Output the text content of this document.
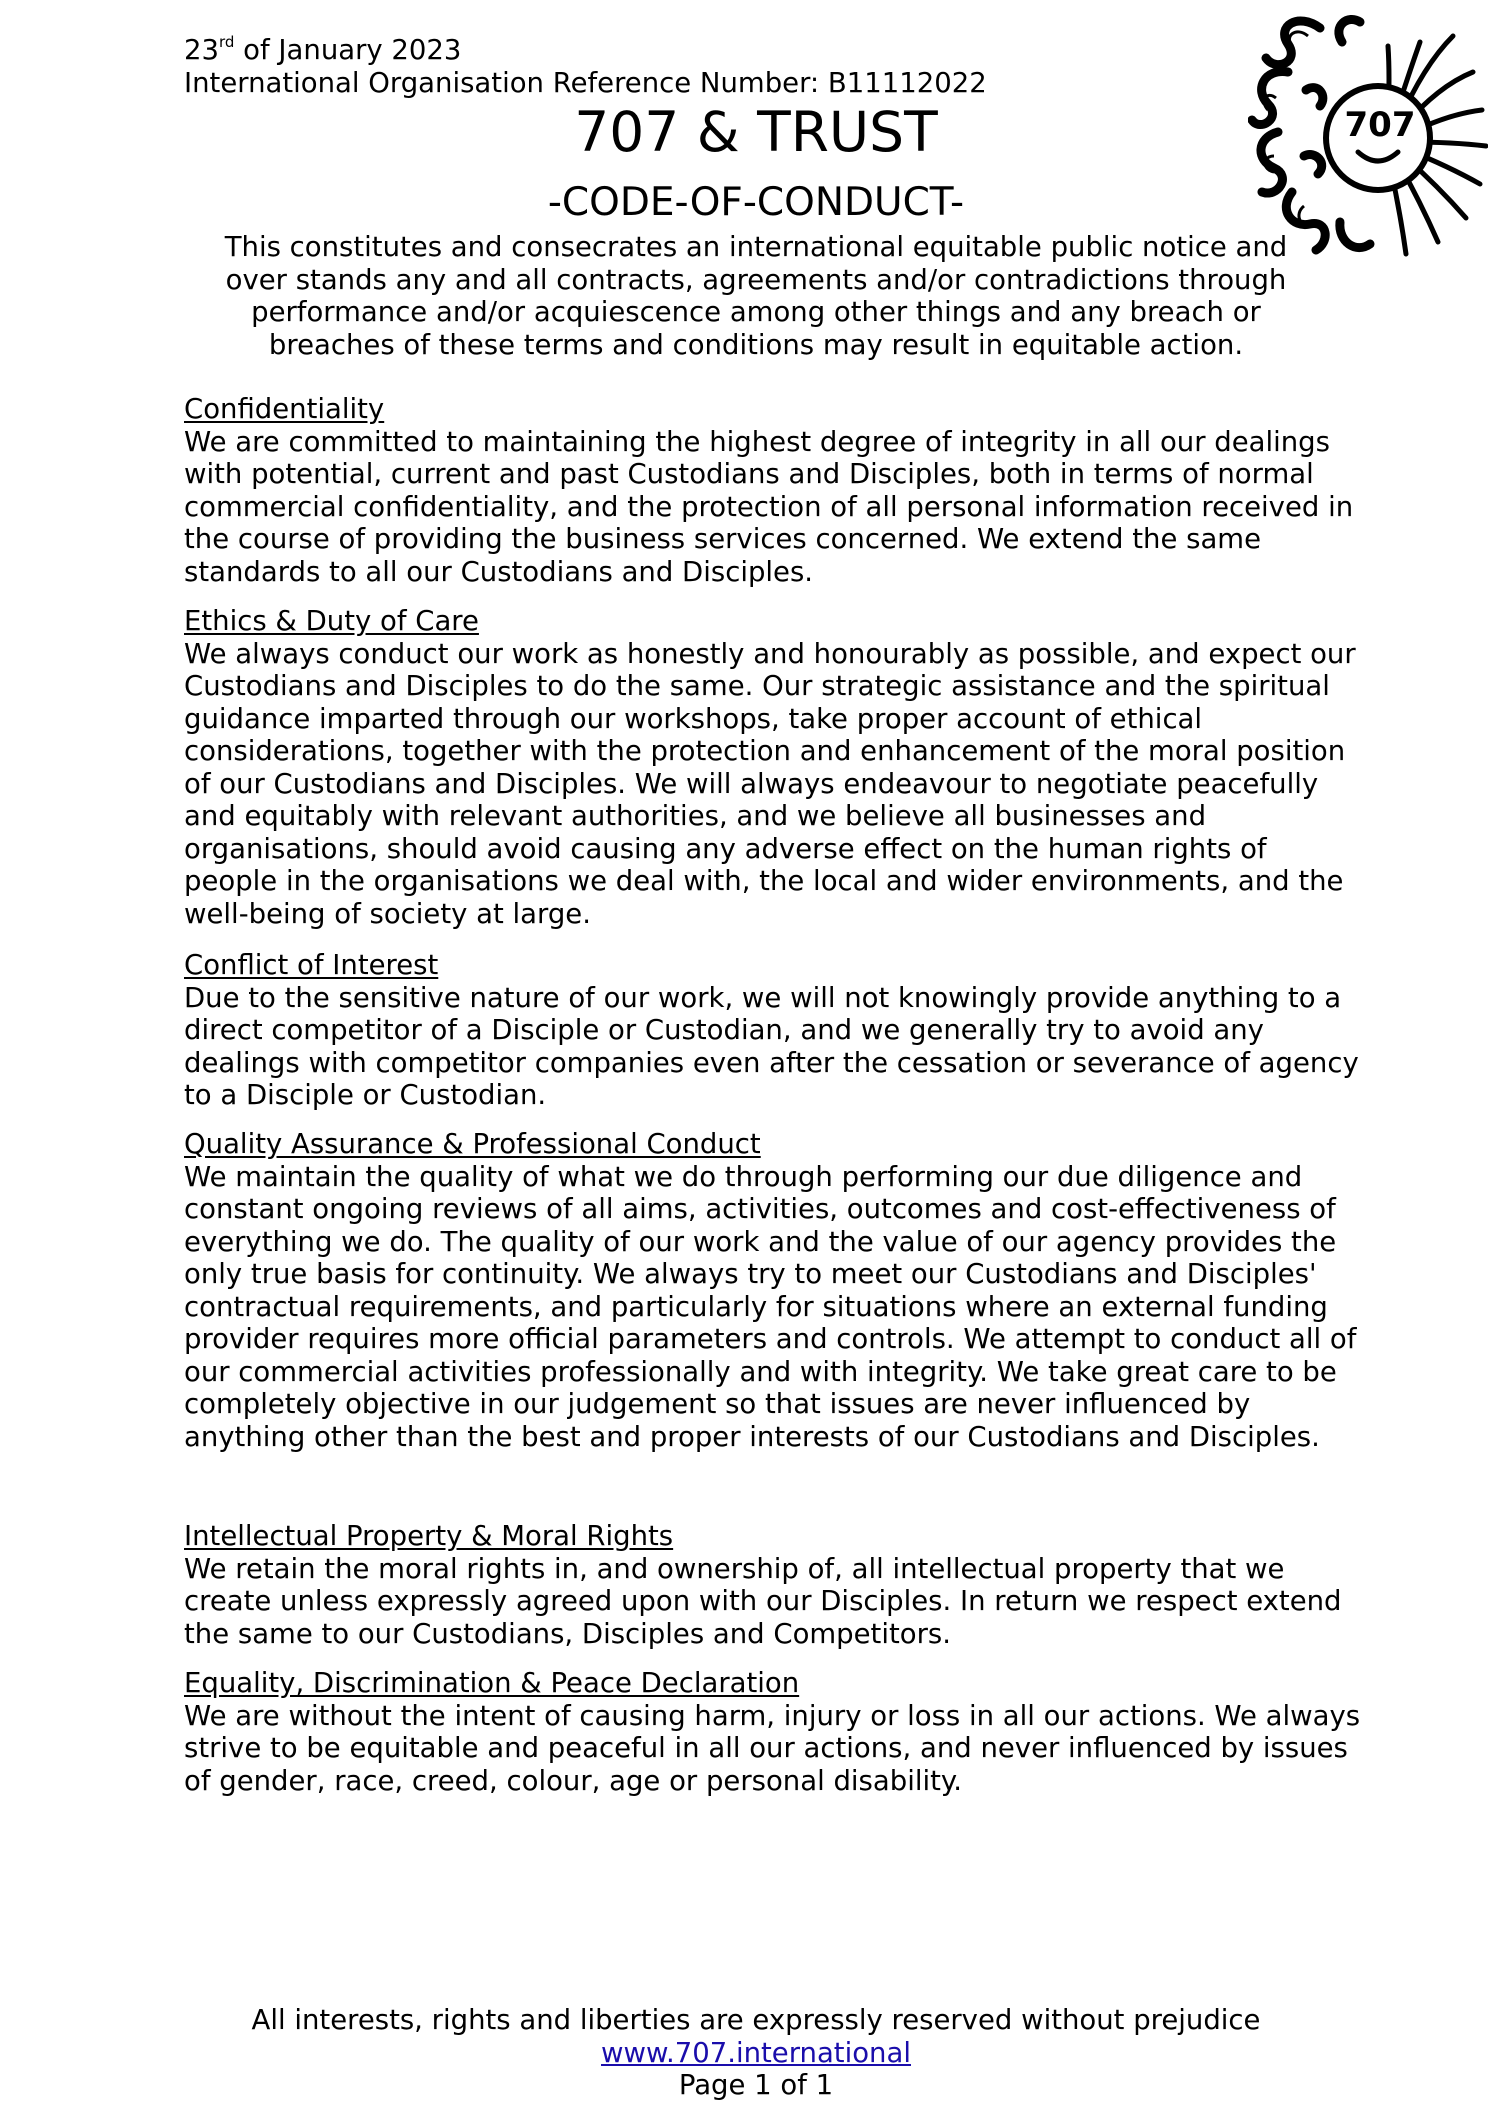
23rd of January 2023
International Organisation Reference Number: B11112022
707 & TRUST
-CODE-OF-CONDUCT-
This constitutes and consecrates an international equitable public notice and over stands any and all contracts, agreements and/or contradictions through performance and/or acquiescence among other things and any breach or breaches of these terms and conditions may result in equitable action.
707
Confidentiality
We are committed to maintaining the highest degree of integrity in all our dealings with potential, current and past Custodians and Disciples, both in terms of normal commercial confidentiality, and the protection of all personal information received in the course of providing the business services concerned. We extend the same standards to all our Custodians and Disciples.
Ethics & Duty of Care
We always conduct our work as honestly and honourably as possible, and expect our Custodians and Disciples to do the same. Our strategic assistance and the spiritual guidance imparted through our workshops, take proper account of ethical considerations, together with the protection and enhancement of the moral position of our Custodians and Disciples. We will always endeavour to negotiate peacefully and equitably with relevant authorities, and we believe all businesses and organisations, should avoid causing any adverse effect on the human rights of people in the organisations we deal with, the local and wider environments, and the well-being of society at large.
Conflict of Interest
Due to the sensitive nature of our work, we will not knowingly provide anything to a direct competitor of a Disciple or Custodian, and we generally try to avoid any dealings with competitor companies even after the cessation or severance of agency to a Disciple or Custodian.
Quality Assurance & Professional Conduct
We maintain the quality of what we do through performing our due diligence and constant ongoing reviews of all aims, activities, outcomes and cost-effectiveness of everything we do. The quality of our work and the value of our agency provides the only true basis for continuity. We always try to meet our Custodians and Disciples' contractual requirements, and particularly for situations where an external funding provider requires more official parameters and controls. We attempt to conduct all of our commercial activities professionally and with integrity. We take great care to be completely objective in our judgement so that issues are never influenced by anything other than the best and proper interests of our Custodians and Disciples.
Intellectual Property & Moral Rights
We retain the moral rights in, and ownership of, all intellectual property that we create unless expressly agreed upon with our Disciples. In return we respect extend the same to our Custodians, Disciples and Competitors.
Equality, Discrimination & Peace Declaration
We are without the intent of causing harm, injury or loss in all our actions. We always strive to be equitable and peaceful in all our actions, and never influenced by issues of gender, race, creed, colour, age or personal disability.
All interests, rights and liberties are expressly reserved without prejudice
www.707.international
Page 1 of 1
